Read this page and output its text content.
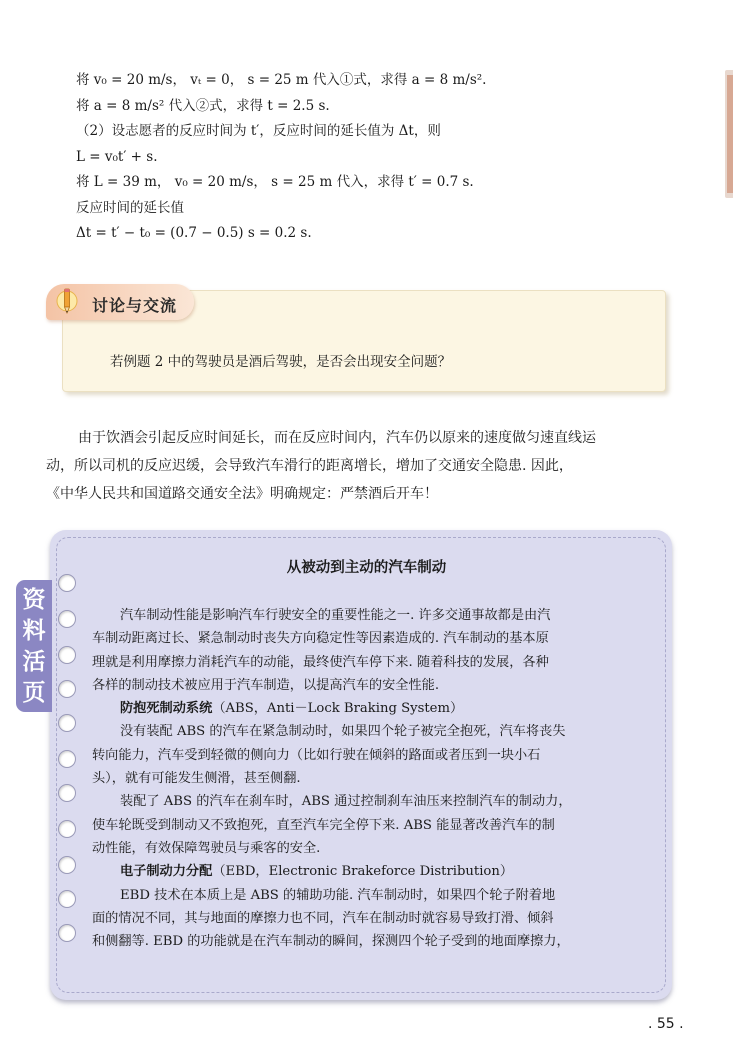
将 v₀ = 20 m/s， vₜ = 0， s = 25 m 代入①式，求得 a = 8 m/s².

将 a = 8 m/s² 代入②式，求得 t = 2.5 s.

（2）设志愿者的反应时间为 t′，反应时间的延长值为 Δt，则

L = v₀t′ + s.

将 L = 39 m， v₀ = 20 m/s， s = 25 m 代入，求得 t′ = 0.7 s.

反应时间的延长值

Δt = t′ − t₀ = (0.7 − 0.5) s = 0.2 s.

讨论与交流
若例题 2 中的驾驶员是酒后驾驶，是否会出现安全问题？

由于饮酒会引起反应时间延长，而在反应时间内，汽车仍以原来的速度做匀速直线运

动，所以司机的反应迟缓，会导致汽车滑行的距离增长，增加了交通安全隐患. 因此，

《中华人民共和国道路交通安全法》明确规定：严禁酒后开车！

资
料
活
页
从被动到主动的汽车制动

汽车制动性能是影响汽车行驶安全的重要性能之一. 许多交通事故都是由汽

车制动距离过长、紧急制动时丧失方向稳定性等因素造成的. 汽车制动的基本原

理就是利用摩擦力消耗汽车的动能，最终使汽车停下来. 随着科技的发展，各种

各样的制动技术被应用于汽车制造，以提高汽车的安全性能.

防抱死制动系统（ABS，Anti－Lock Braking System）

没有装配 ABS 的汽车在紧急制动时，如果四个轮子被完全抱死，汽车将丧失

转向能力，汽车受到轻微的侧向力（比如行驶在倾斜的路面或者压到一块小石

头），就有可能发生侧滑，甚至侧翻.

装配了 ABS 的汽车在刹车时，ABS 通过控制刹车油压来控制汽车的制动力，

使车轮既受到制动又不致抱死，直至汽车完全停下来. ABS 能显著改善汽车的制

动性能，有效保障驾驶员与乘客的安全.

电子制动力分配（EBD，Electronic Brakeforce Distribution）

EBD 技术在本质上是 ABS 的辅助功能. 汽车制动时，如果四个轮子附着地

面的情况不同，其与地面的摩擦力也不同，汽车在制动时就容易导致打滑、倾斜

和侧翻等. EBD 的功能就是在汽车制动的瞬间，探测四个轮子受到的地面摩擦力，

. 55 .
